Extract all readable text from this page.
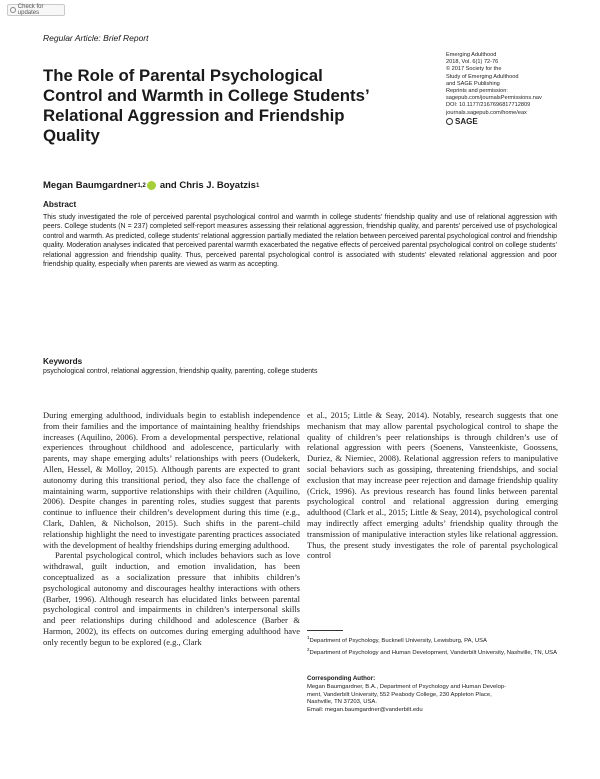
Check for updates
Regular Article: Brief Report
The Role of Parental Psychological Control and Warmth in College Students’ Relational Aggression and Friendship Quality
Emerging Adulthood
2018, Vol. 6(1) 72-76
© 2017 Society for the
Study of Emerging Adulthood
and SAGE Publishing
Reprints and permission:
sagepub.com/journalsPermissions.nav
DOI: 10.1177/2167696817712809
journals.sagepub.com/home/eax
SAGE
Megan Baumgardner 1,2 and Chris J. Boyatzis 1
Abstract
This study investigated the role of perceived parental psychological control and warmth in college students’ friendship quality and use of relational aggression with peers. College students (N = 237) completed self-report measures assessing their relational aggression, friendship quality, and parents’ perceived use of psychological control and warmth. As predicted, college students’ relational aggression partially mediated the relation between perceived parental psychological control and friendship quality. Moderation analyses indicated that perceived parental warmth exacerbated the negative effects of perceived parental psychological control on college students’ relational aggression and friendship quality. Thus, perceived parental psychological control is associated with students’ elevated relational aggression and poor friendship quality, especially when parents are viewed as warm as accepting.
Keywords
psychological control, relational aggression, friendship quality, parenting, college students

During emerging adulthood, individuals begin to establish independence from their families and the importance of maintaining healthy friendships increases (Aquilino, 2006). From a developmental perspective, relational experiences throughout childhood and adolescence, particularly with parents, may shape emerging adults’ relationships with peers (Oudekerk, Allen, Hessel, & Molloy, 2015). Although parents are expected to grant autonomy during this transitional period, they also face the challenge of maintaining warm, supportive relationships with their children (Aquilino, 2006). Despite changes in parenting roles, studies suggest that parents continue to influence their children’s development during this time (e.g., Clark, Dahlen, & Nicholson, 2015). Such shifts in the parent–child relationship highlight the need to investigate parenting practices associated with the development of healthy friendships during emerging adulthood.

Parental psychological control, which includes behaviors such as love withdrawal, guilt induction, and emotion invalidation, has been conceptualized as a socialization pressure that inhibits children’s psychological autonomy and discourages healthy interactions with others (Barber, 1996). Although research has elucidated links between parental psychological control and impairments in children’s interpersonal skills and peer relationships during childhood and adolescence (Barber & Harmon, 2002), its effects on outcomes during emerging adulthood have only recently begun to be explored (e.g., Clark

et al., 2015; Little & Seay, 2014). Notably, research suggests that one mechanism that may allow parental psychological control to shape the quality of children’s peer relationships is through children’s use of relational aggression with peers (Soenens, Vansteenkiste, Goossens, Duriez, & Niemiec, 2008). Relational aggression refers to manipulative social behaviors such as gossiping, threatening friendships, and social exclusion that may increase peer rejection and damage friendship quality (Crick, 1996). As previous research has found links between parental psychological control and relational aggression during emerging adulthood (Clark et al., 2015; Little & Seay, 2014), psychological control may indirectly affect emerging adults’ friendship quality through the transmission of manipulative interaction styles like relational aggression. Thus, the present study investigates the role of parental psychological control

$^1$Department of Psychology, Bucknell University, Lewisburg, PA, USA
$^2$Department of Psychology and Human Development, Vanderbilt University, Nashville, TN, USA
Corresponding Author:
Megan Baumgardner, B.A., Department of Psychology and Human Develop-
ment, Vanderbilt University, 552 Peabody College, 230 Appleton Place,
Nashville, TN 37203, USA.
Email: megan.baumgardner@vanderbilt.edu
